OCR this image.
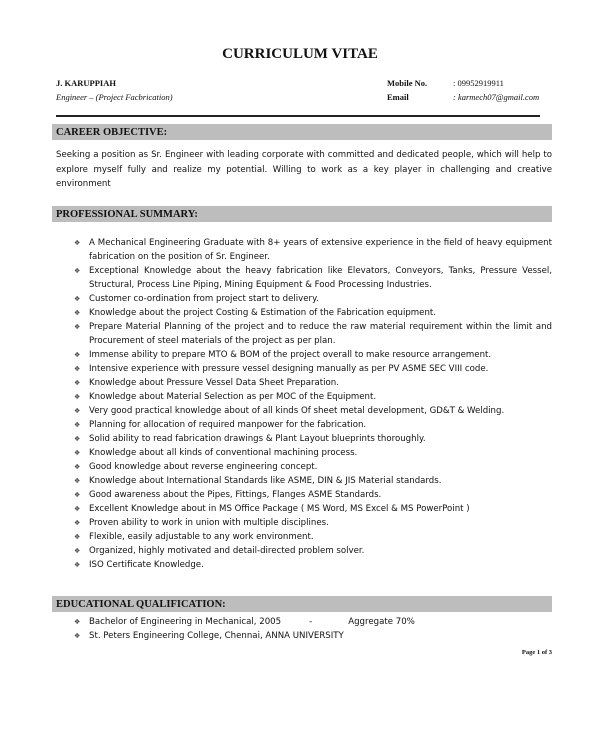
CURRICULUM VITAE
J. KARUPPIAH
Engineer – (Project Facbrication)
Mobile No.	: 09952919911
Email	: karmech07@gmail.com
CAREER OBJECTIVE:
Seeking a position as Sr. Engineer with leading corporate with committed and dedicated people, which will help to explore myself fully and realize my potential. Willing to work as a key player in challenging and creative environment
PROFESSIONAL SUMMARY:
❖ A Mechanical Engineering Graduate with 8+ years of extensive experience in the field of heavy equipment fabrication on the position of Sr. Engineer.
❖ Exceptional Knowledge about the heavy fabrication like Elevators, Conveyors, Tanks, Pressure Vessel, Structural, Process Line Piping, Mining Equipment & Food Processing Industries.
❖ Customer co-ordination from project start to delivery.
❖ Knowledge about the project Costing & Estimation of the Fabrication equipment.
❖ Prepare Material Planning of the project and to reduce the raw material requirement within the limit and Procurement of steel materials of the project as per plan.
❖ Immense ability to prepare MTO & BOM of the project overall to make resource arrangement.
❖ Intensive experience with pressure vessel designing manually as per PV ASME SEC VIII code.
❖ Knowledge about Pressure Vessel Data Sheet Preparation.
❖ Knowledge about Material Selection as per MOC of the Equipment.
❖ Very good practical knowledge about of all kinds Of sheet metal development, GD&T & Welding.
❖ Planning for allocation of required manpower for the fabrication.
❖ Solid ability to read fabrication drawings & Plant Layout blueprints thoroughly.
❖ Knowledge about all kinds of conventional machining process.
❖ Good knowledge about reverse engineering concept.
❖ Knowledge about International Standards like ASME, DIN & JIS Material standards.
❖ Good awareness about the Pipes, Fittings, Flanges ASME Standards.
❖ Excellent Knowledge about in MS Office Package ( MS Word, MS Excel & MS PowerPoint )
❖ Proven ability to work in union with multiple disciplines.
❖ Flexible, easily adjustable to any work environment.
❖ Organized, highly motivated and detail-directed problem solver.
❖ ISO Certificate Knowledge.
EDUCATIONAL QUALIFICATION:
❖ Bachelor of Engineering in Mechanical, 2005	-	Aggregate 70%
❖ St. Peters Engineering College, Chennai, ANNA UNIVERSITY
Page 1 of 3
